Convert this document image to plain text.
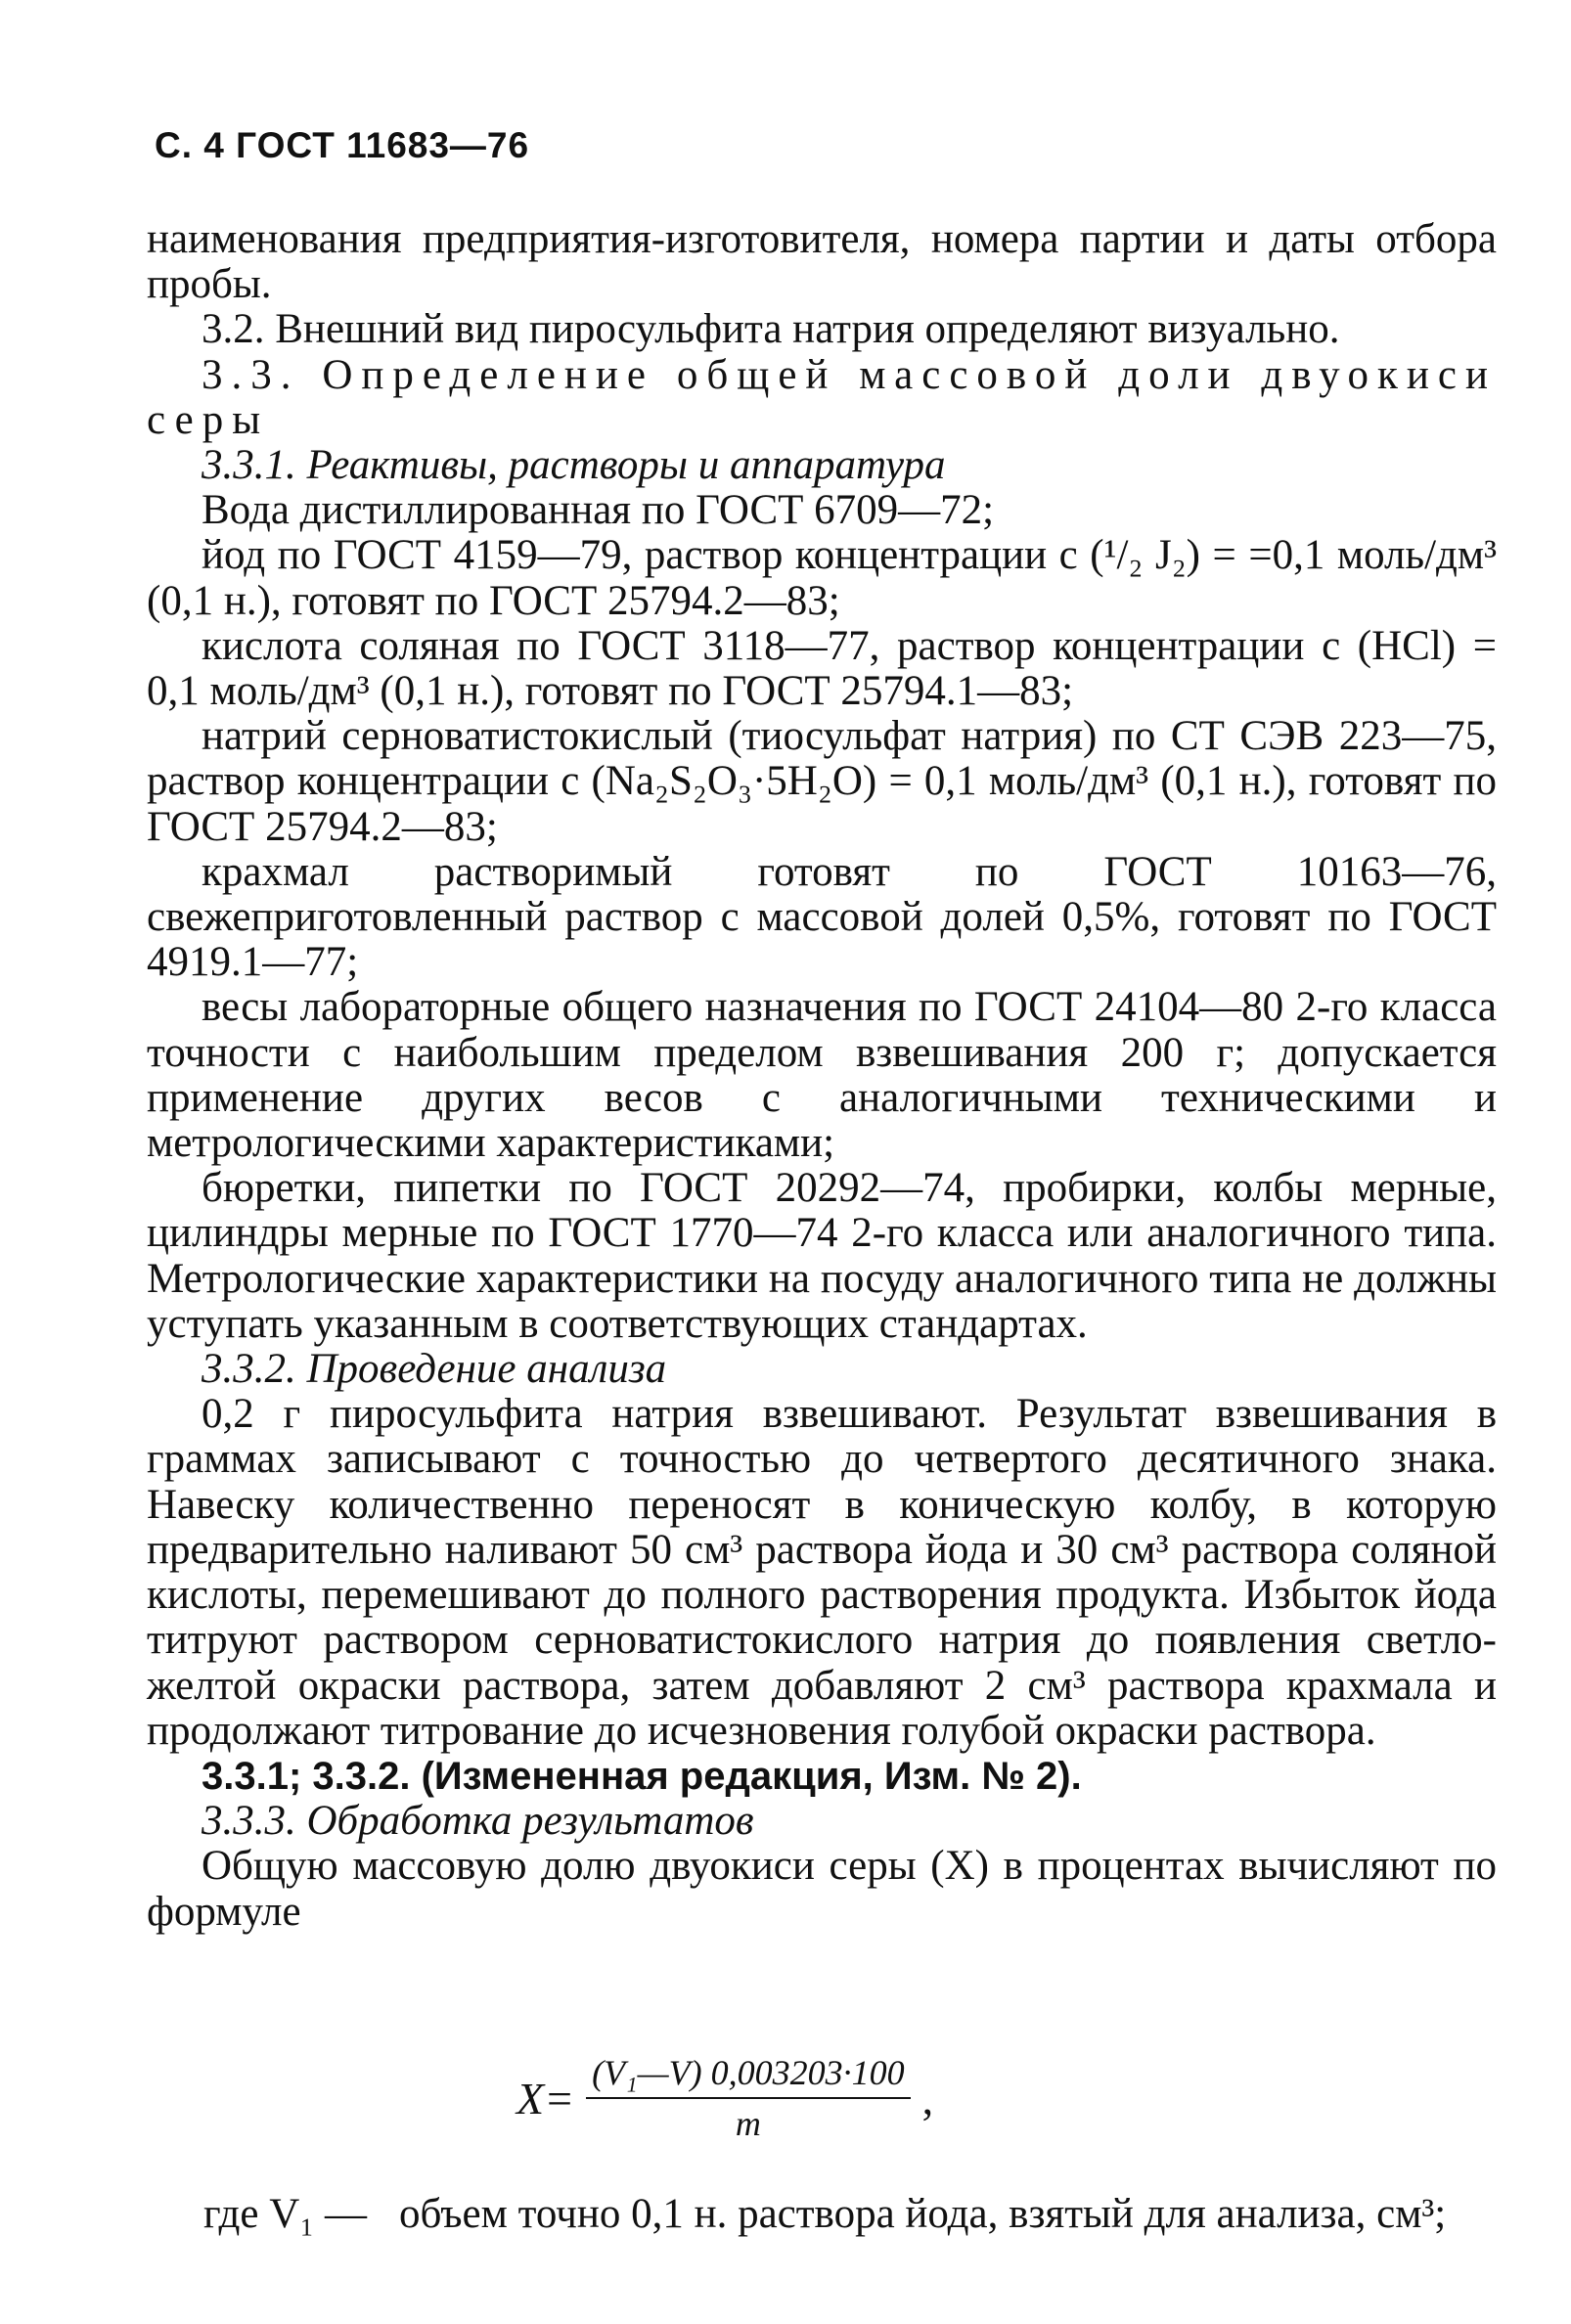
С. 4 ГОСТ 11683—76

наименования предприятия-изготовителя, номера партии и даты отбора пробы.

3.2. Внешний вид пиросульфита натрия определяют визуально.

3.3. Определение общей массовой доли двуокиси серы

3.3.1. Реактивы, растворы и аппаратура

Вода дистиллированная по ГОСТ 6709—72;

йод по ГОСТ 4159—79, раствор концентрации c (¹/₂ J₂) = =0,1 моль/дм³ (0,1 н.), готовят по ГОСТ 25794.2—83;

кислота соляная по ГОСТ 3118—77, раствор концентрации c (HCl) = 0,1 моль/дм³ (0,1 н.), готовят по ГОСТ 25794.1—83;

натрий серноватистокислый (тиосульфат натрия) по СТ СЭВ 223—75, раствор концентрации c (Na₂S₂O₃·5H₂O) = 0,1 моль/дм³ (0,1 н.), готовят по ГОСТ 25794.2—83;

крахмал растворимый готовят по ГОСТ 10163—76, свежеприготовленный раствор с массовой долей 0,5%, готовят по ГОСТ 4919.1—77;

весы лабораторные общего назначения по ГОСТ 24104—80 2-го класса точности с наибольшим пределом взвешивания 200 г; допускается применение других весов с аналогичными техническими и метрологическими характеристиками;

бюретки, пипетки по ГОСТ 20292—74, пробирки, колбы мерные, цилиндры мерные по ГОСТ 1770—74 2-го класса или аналогичного типа. Метрологические характеристики на посуду аналогичного типа не должны уступать указанным в соответствующих стандартах.

3.3.2. Проведение анализа

0,2 г пиросульфита натрия взвешивают. Результат взвешивания в граммах записывают с точностью до четвертого десятичного знака. Навеску количественно переносят в коническую колбу, в которую предварительно наливают 50 см³ раствора йода и 30 см³ раствора соляной кислоты, перемешивают до полного растворения продукта. Избыток йода титруют раствором серноватистокислого натрия до появления светло-желтой окраски раствора, затем добавляют 2 см³ раствора крахмала и продолжают титрование до исчезновения голубой окраски раствора.

3.3.1; 3.3.2. (Измененная редакция, Изм. № 2).

3.3.3. Обработка результатов

Общую массовую долю двуокиси серы (X) в процентах вычисляют по формуле

$X= \frac{\text{(V₁—V) 0,003203·100}}{m}$ ,
где V₁ — объем точно 0,1 н. раствора йода, взятый для анализа, см³;
